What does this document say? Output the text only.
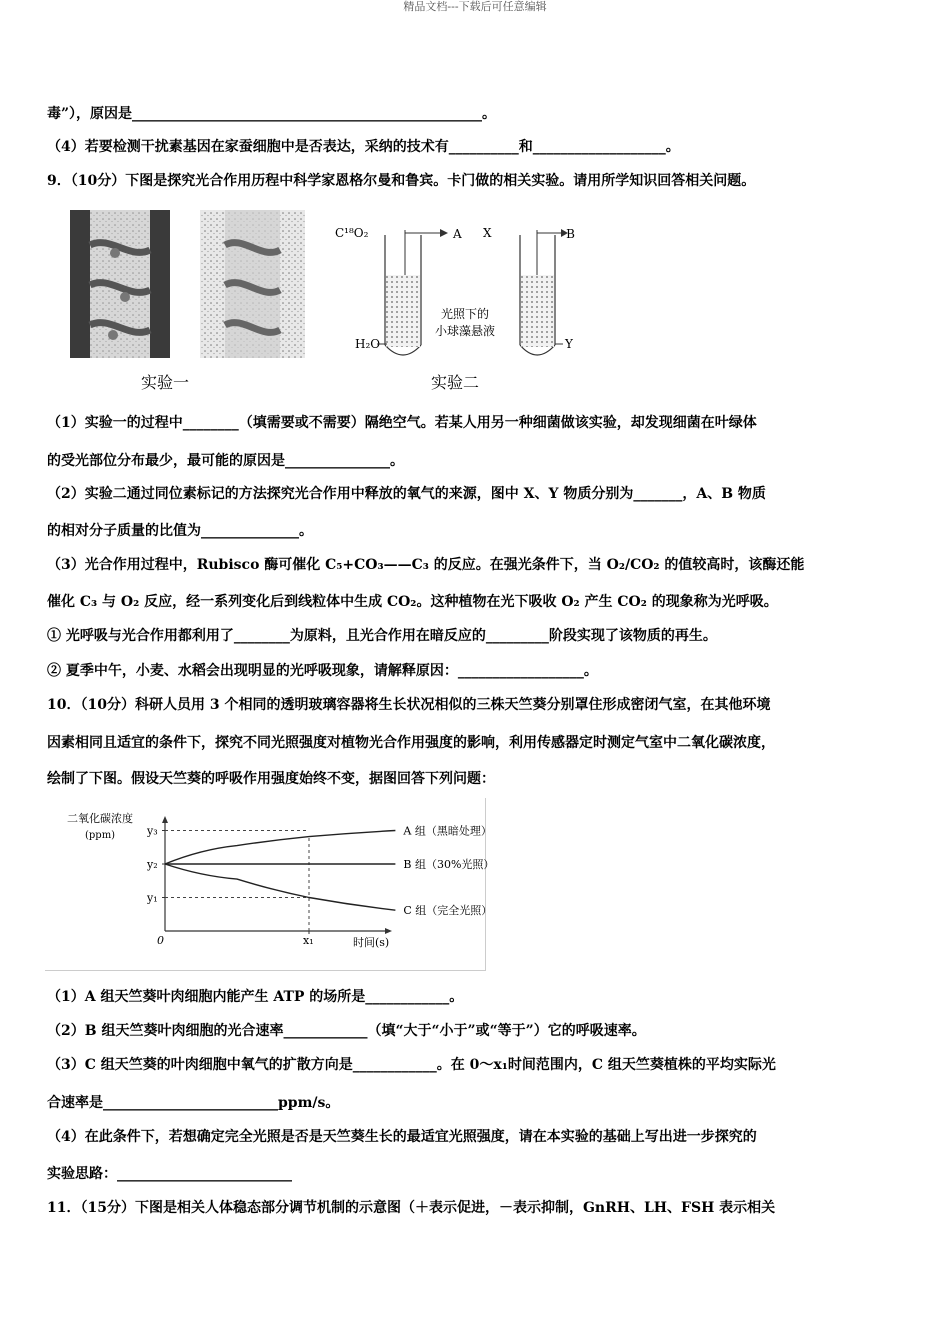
精品文档---下载后可任意编辑
毒”），原因是__________________________________________________。
（4）若要检测干扰素基因在家蚕细胞中是否表达，采纳的技术有__________和___________________。
9．（10分）下图是探究光合作用历程中科学家恩格尔曼和鲁宾。卡门做的相关实验。请用所学知识回答相关问题。
实验一
C¹⁸O₂	A
H₂O
X	B
Y
光照下的
小球藻悬液
实验二
（1）实验一的过程中________（填需要或不需要）隔绝空气。若某人用另一种细菌做该实验，却发现细菌在叶绿体
的受光部位分布最少，最可能的原因是_______________。
（2）实验二通过同位素标记的方法探究光合作用中释放的氧气的来源，图中 X、Y 物质分别为_______，A、B 物质
的相对分子质量的比值为______________。
（3）光合作用过程中，Rubisco 酶可催化 C₅+CO₃——C₃ 的反应。在强光条件下，当 O₂/CO₂ 的值较高时，该酶还能
催化 C₃ 与 O₂ 反应，经一系列变化后到线粒体中生成 CO₂。这种植物在光下吸收 O₂ 产生 CO₂ 的现象称为光呼吸。
① 光呼吸与光合作用都利用了________为原料，且光合作用在暗反应的_________阶段实现了该物质的再生。
② 夏季中午，小麦、水稻会出现明显的光呼吸现象，请解释原因：__________________。
10．（10分）科研人员用 3 个相同的透明玻璃容器将生长状况相似的三株天竺葵分别罩住形成密闭气室，在其他环境
因素相同且适宜的条件下，探究不同光照强度对植物光合作用强度的影响，利用传感器定时测定气室中二氧化碳浓度，
绘制了下图。假设天竺葵的呼吸作用强度始终不变，据图回答下列问题：
二氧化碳浓度
(ppm)
0	时间(s)
y₁
y₂
y₃
x₁
A 组（黑暗处理）
B 组（30%光照）
C 组（完全光照）
（1）A 组天竺葵叶肉细胞内能产生 ATP 的场所是____________。
（2）B 组天竺葵叶肉细胞的光合速率____________（填“大于“小于”或“等于”）它的呼吸速率。
（3）C 组天竺葵的叶肉细胞中氧气的扩散方向是____________。在 0～x₁时间范围内，C 组天竺葵植株的平均实际光
合速率是_________________________ppm/s。
（4）在此条件下，若想确定完全光照是否是天竺葵生长的最适宜光照强度，请在本实验的基础上写出进一步探究的
实验思路：_________________________
11．（15分）下图是相关人体稳态部分调节机制的示意图（＋表示促进，－表示抑制，GnRH、LH、FSH 表示相关
